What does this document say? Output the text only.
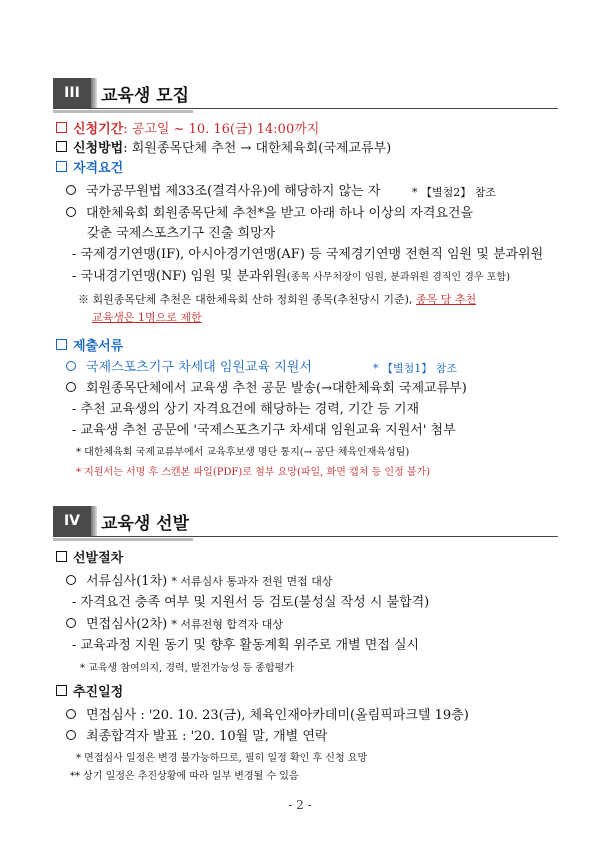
III	교육생 모집
신청기간: 공고일 ~ 10. 16(금) 14:00까지
신청방법: 회원종목단체 추천 → 대한체육회(국제교류부)
자격요건
국가공무원법 제33조(결격사유)에 해당하지 않는 자	* 【별첨2】 참조
대한체육회 회원종목단체 추천*을 받고 아래 하나 이상의 자격요건을
갖춘 국제스포츠기구 진출 희망자
- 국제경기연맹(IF), 아시아경기연맹(AF) 등 국제경기연맹 전현직 임원 및 분과위원
- 국내경기연맹(NF) 임원 및 분과위원(종목 사무처장이 임원, 분과위원 겸직인 경우 포함)
※ 회원종목단체 추천은 대한체육회 산하 정회원 종목(추천당시 기준), 종목 당 추천
교육생은 1명으로 제한
제출서류
국제스포츠기구 차세대 임원교육 지원서	* 【별첨1】 참조
회원종목단체에서 교육생 추천 공문 발송(→대한체육회 국제교류부)
- 추천 교육생의 상기 자격요건에 해당하는 경력, 기간 등 기재
- 교육생 추천 공문에 '국제스포츠기구 차세대 임원교육 지원서' 첨부
* 대한체육회 국제교류부에서 교육후보생 명단 통지(→ 공단 체육인재육성팀)
* 지원서는 서명 후 스캔본 파일(PDF)로 첨부 요망(파일, 화면 캡처 등 인정 불가)
IV	교육생 선발
선발절차
서류심사(1차) * 서류심사 통과자 전원 면접 대상
- 자격요건 충족 여부 및 지원서 등 검토(불성실 작성 시 불합격)
면접심사(2차) * 서류전형 합격자 대상
- 교육과정 지원 동기 및 향후 활동계획 위주로 개별 면접 실시
* 교육생 참여의지, 경력, 발전가능성 등 종합평가
추진일정
면접심사 : '20. 10. 23(금), 체육인재아카데미(올림픽파크텔 19층)
최종합격자 발표 : '20. 10월 말, 개별 연락
* 면접심사 일정은 변경 불가능하므로, 필히 일정 확인 후 신청 요망
** 상기 일정은 추진상황에 따라 일부 변경될 수 있음
- 2 -
